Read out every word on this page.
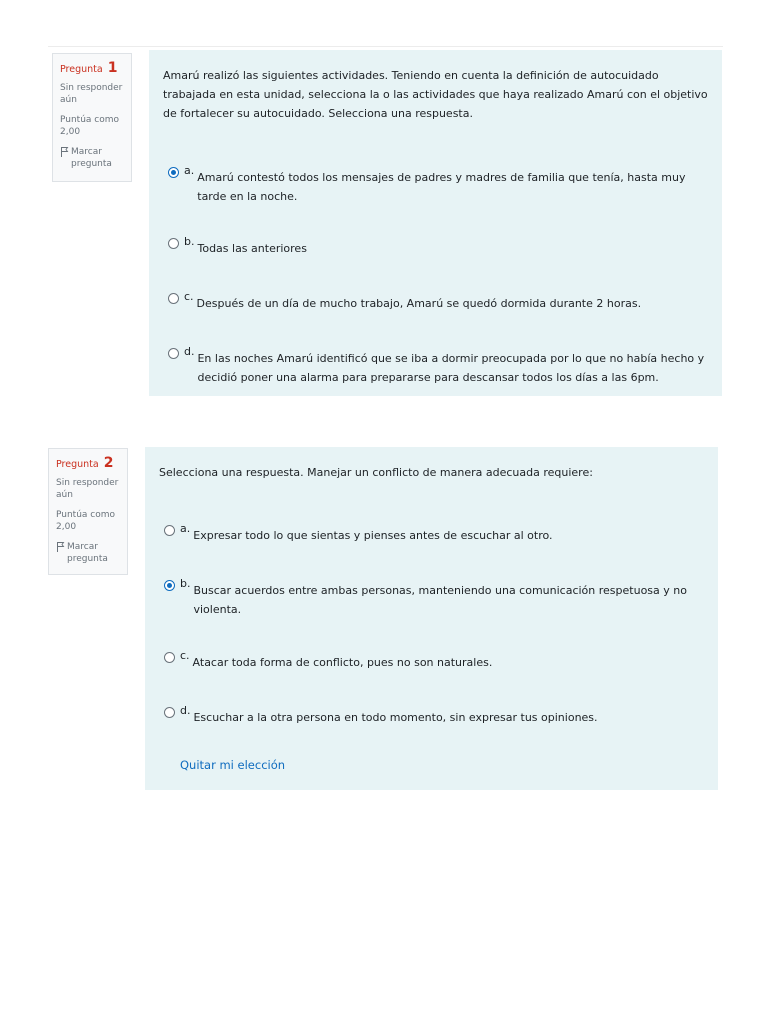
Pregunta 1
Sin responder aún
Puntúa como 2,00
Marcar pregunta
Amarú realizó las siguientes actividades. Teniendo en cuenta la definición de autocuidado trabajada en esta unidad, selecciona la o las actividades que haya realizado Amarú con el objetivo de fortalecer su autocuidado. Selecciona una respuesta.
a.
Amarú contestó todos los mensajes de padres y madres de familia que tenía, hasta muy tarde en la noche.
b.
Todas las anteriores
c.
Después de un día de mucho trabajo, Amarú se quedó dormida durante 2 horas.
d.
En las noches Amarú identificó que se iba a dormir preocupada por lo que no había hecho y decidió poner una alarma para prepararse para descansar todos los días a las 6pm.
Pregunta 2
Sin responder aún
Puntúa como 2,00
Marcar pregunta
Selecciona una respuesta. Manejar un conflicto de manera adecuada requiere:
a.
Expresar todo lo que sientas y pienses antes de escuchar al otro.
b.
Buscar acuerdos entre ambas personas, manteniendo una comunicación respetuosa y no violenta.
c.
Atacar toda forma de conflicto, pues no son naturales.
d.
Escuchar a la otra persona en todo momento, sin expresar tus opiniones.
Quitar mi elección
